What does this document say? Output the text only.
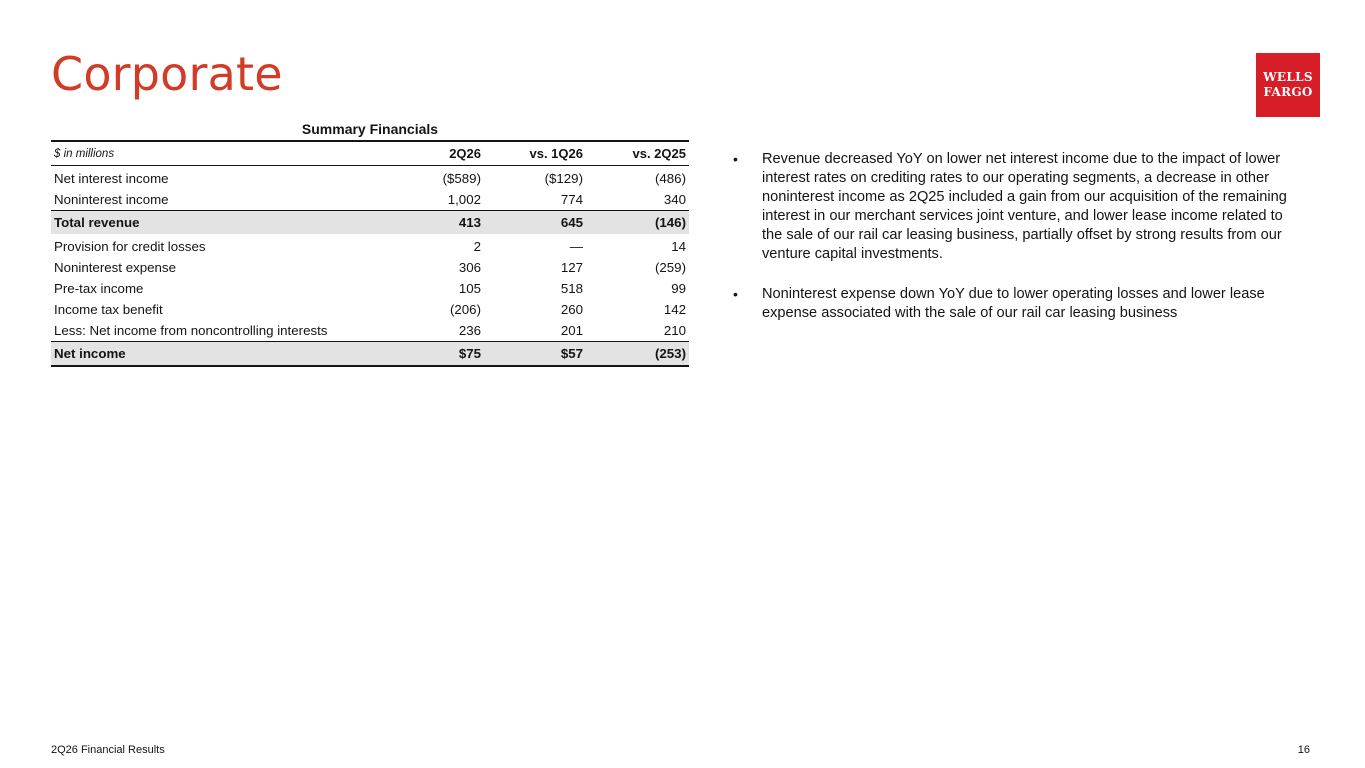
Corporate	WELLS
FARGO
Summary Financials
$ in millions	2Q26	vs. 1Q26	vs. 2Q25
Net interest income	($589)	($129)	(486)
Noninterest income	1,002	774	340
Total revenue	413	645	(146)
Provision for credit losses	2	—	14
Noninterest expense	306	127	(259)
Pre-tax income	105	518	99
Income tax benefit	(206)	260	142
Less: Net income from noncontrolling interests	236	201	210
Net income	$75	$57	(253)
•	Revenue decreased YoY on lower net interest income due to the impact of lower interest rates on crediting rates to our operating segments, a decrease in other noninterest income as 2Q25 included a gain from our acquisition of the remaining interest in our merchant services joint venture, and lower lease income related to the sale of our rail car leasing business, partially offset by strong results from our venture capital investments.
•	Noninterest expense down YoY due to lower operating losses and lower lease expense associated with the sale of our rail car leasing business
2Q26 Financial Results	16
